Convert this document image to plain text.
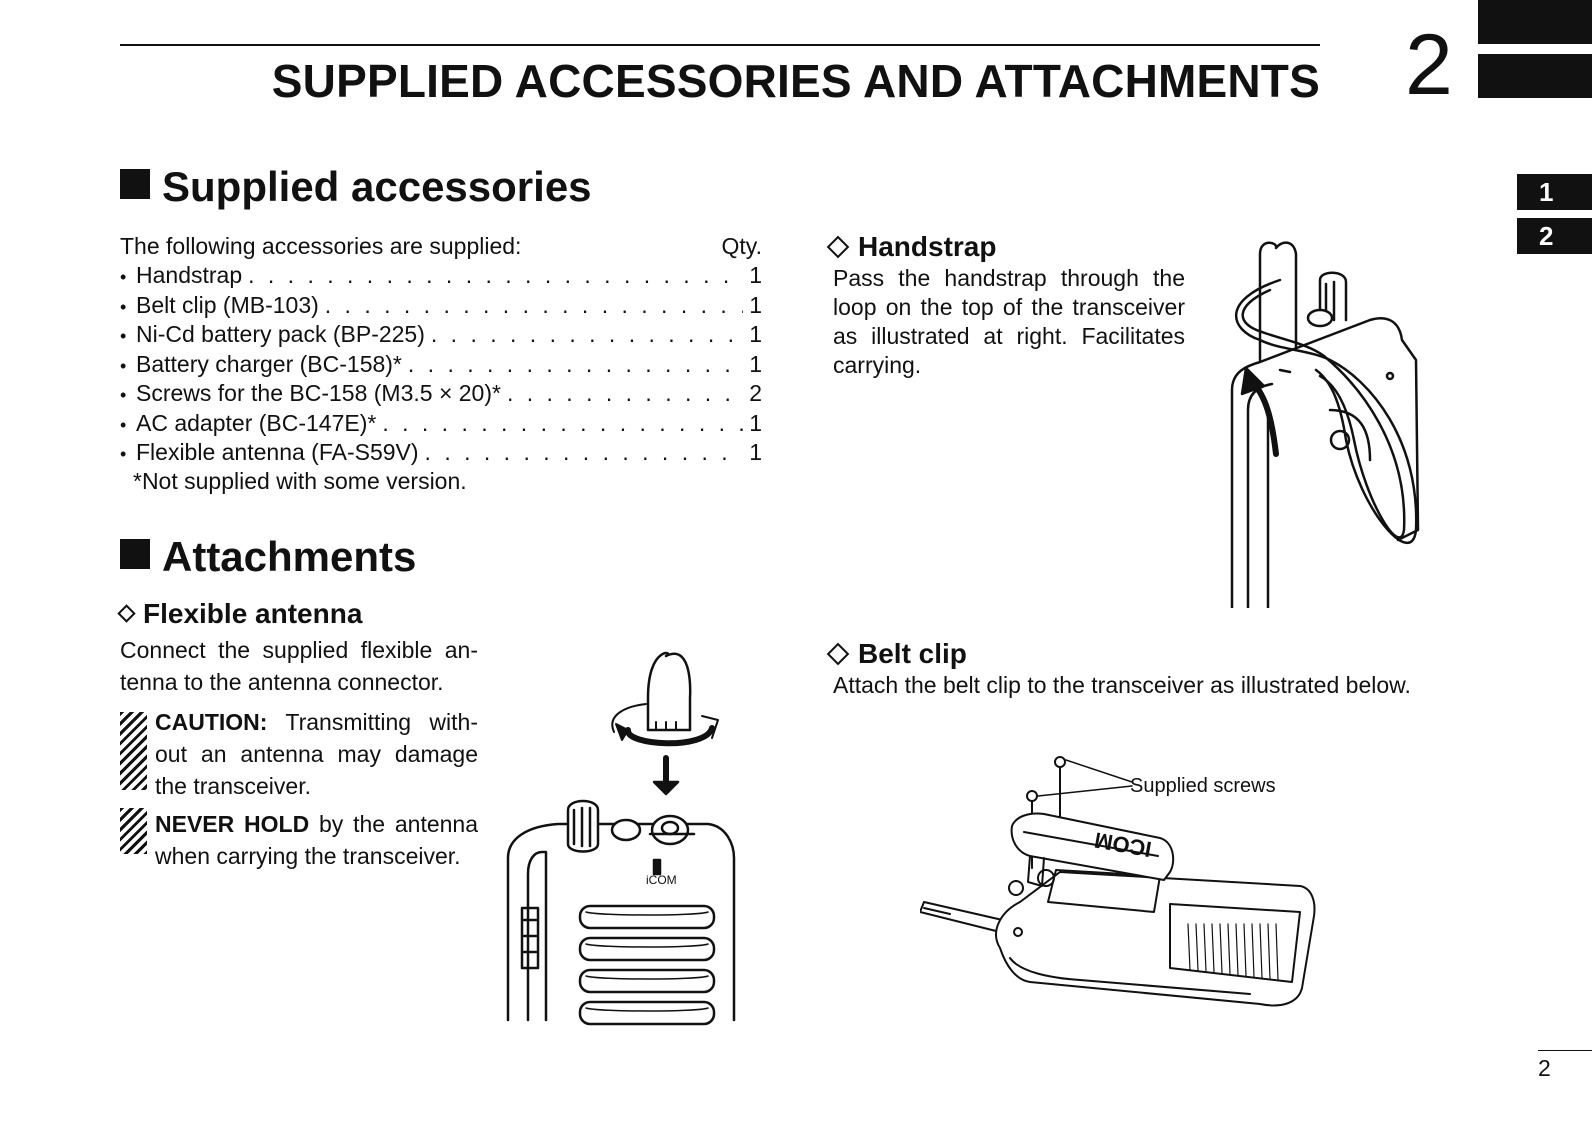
SUPPLIED ACCESSORIES AND ATTACHMENTS 2
1
2
Supplied accessories
The following accessories are supplied:	Qty.
• Handstrap . . .	1
• Belt clip (MB-103) . . .	1
• Ni-Cd battery pack (BP-225) . . .	1
• Battery charger (BC-158)* . . .	1
• Screws for the BC-158 (M3.5 × 20)* . . .	2
• AC adapter (BC-147E)* . . .	1
• Flexible antenna (FA-S59V) . . .	1
*Not supplied with some version.
Attachments
Flexible antenna
Connect the supplied flexible an-tenna to the antenna connector.

CAUTION: Transmitting with-out an antenna may damage the transceiver.

NEVER HOLD by the antenna when carrying the transceiver.

iCOM
Handstrap
Pass the handstrap through the loop on the top of the transceiver as illustrated at right. Facilitates carrying.
Belt clip
Attach the belt clip to the transceiver as illustrated below.
Supplied screws
ICOM
2
